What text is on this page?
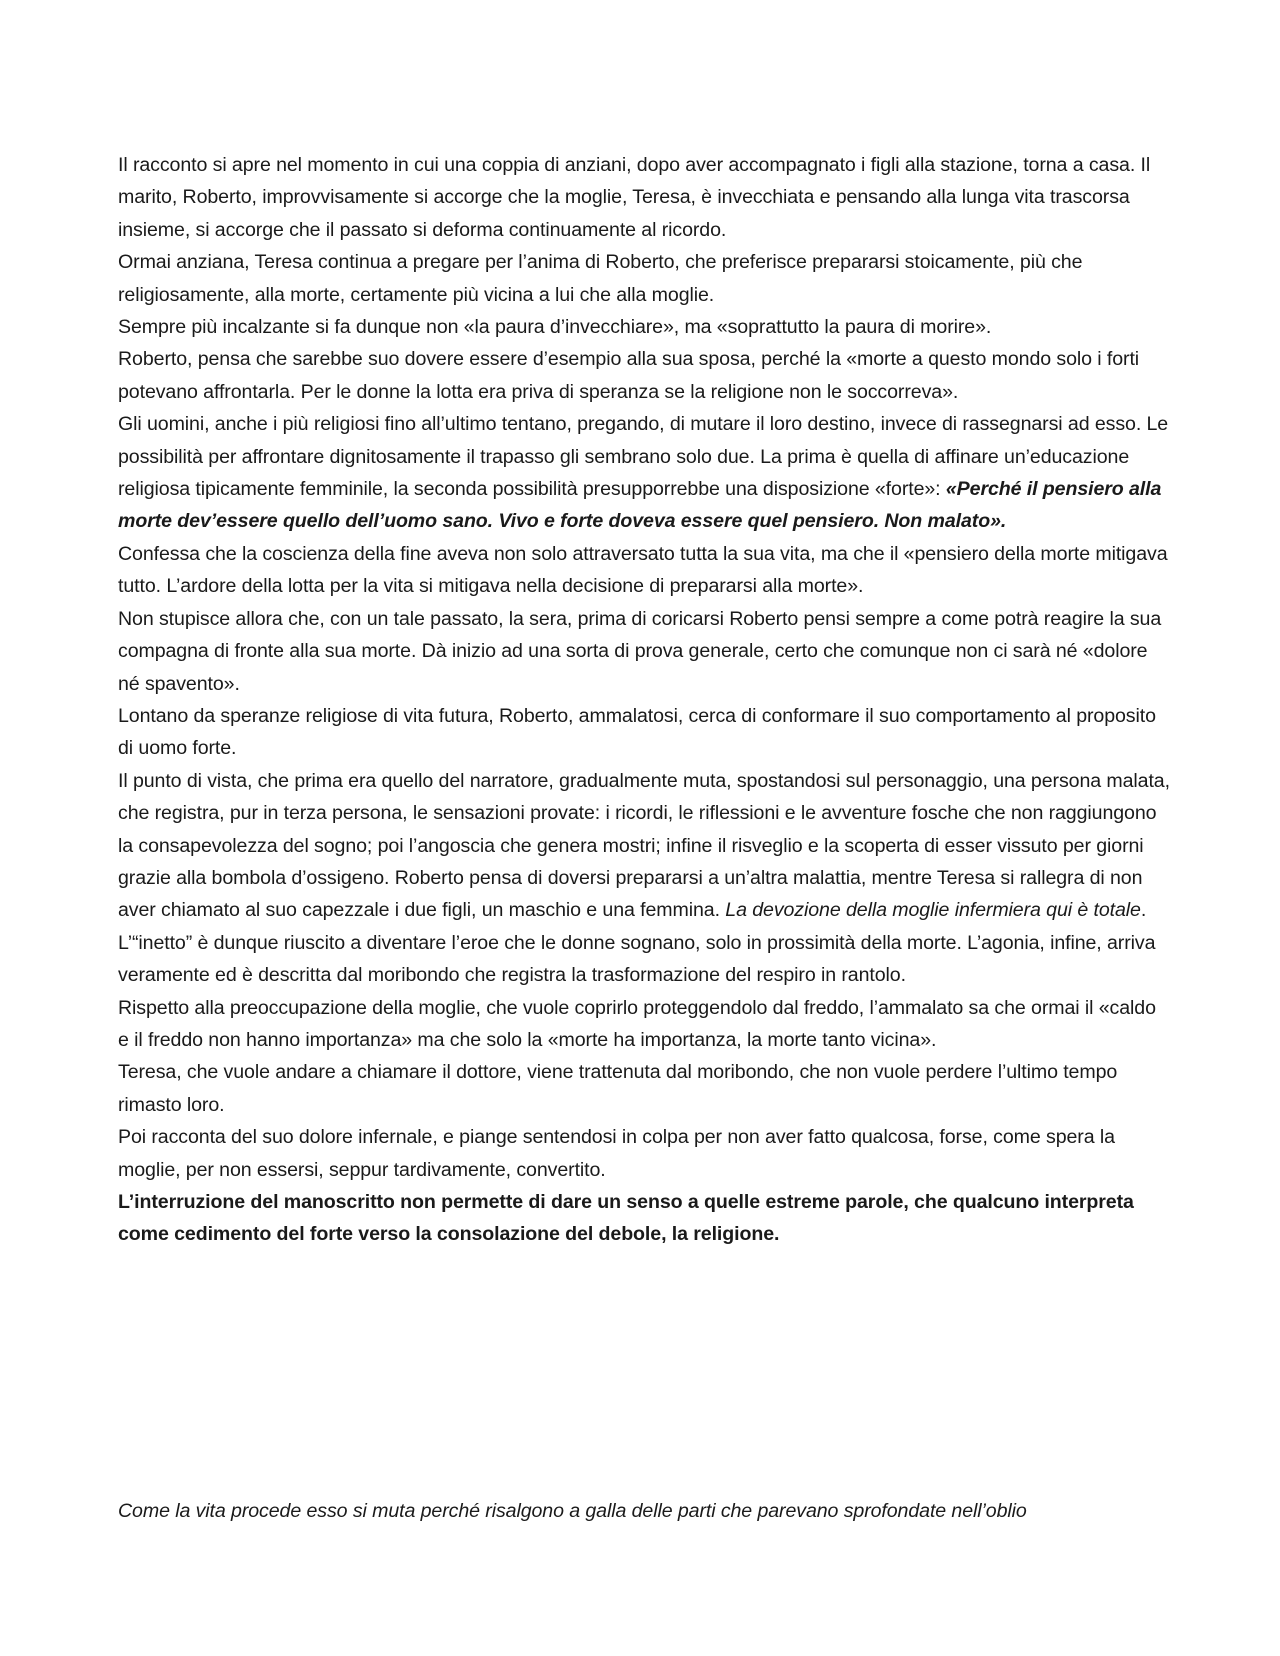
Il racconto si apre nel momento in cui una coppia di anziani, dopo aver accompagnato i figli alla stazione, torna a casa. Il marito, Roberto, improvvisamente si accorge che la moglie, Teresa, è invecchiata e pensando alla lunga vita trascorsa insieme, si accorge che il passato si deforma continuamente al ricordo.

Ormai anziana, Teresa continua a pregare per l’anima di Roberto, che preferisce prepararsi stoicamente, più che religiosamente, alla morte, certamente più vicina a lui che alla moglie.

Sempre più incalzante si fa dunque non «la paura d’invecchiare», ma «soprattutto la paura di morire».

Roberto, pensa che sarebbe suo dovere essere d’esempio alla sua sposa, perché la «morte a questo mondo solo i forti potevano affrontarla. Per le donne la lotta era priva di speranza se la religione non le soccorreva».

Gli uomini, anche i più religiosi fino all’ultimo tentano, pregando, di mutare il loro destino, invece di rassegnarsi ad esso. Le possibilità per affrontare dignitosamente il trapasso gli sembrano solo due. La prima è quella di affinare un’educazione religiosa tipicamente femminile, la seconda possibilità presupporrebbe una disposizione «forte»: «Perché il pensiero alla morte dev’essere quello dell’uomo sano. Vivo e forte doveva essere quel pensiero. Non malato».

Confessa che la coscienza della fine aveva non solo attraversato tutta la sua vita, ma che il «pensiero della morte mitigava tutto. L’ardore della lotta per la vita si mitigava nella decisione di prepararsi alla morte».

Non stupisce allora che, con un tale passato, la sera, prima di coricarsi Roberto pensi sempre a come potrà reagire la sua compagna di fronte alla sua morte. Dà inizio ad una sorta di prova generale, certo che comunque non ci sarà né «dolore né spavento».

Lontano da speranze religiose di vita futura, Roberto, ammalatosi, cerca di conformare il suo comportamento al proposito di uomo forte.

Il punto di vista, che prima era quello del narratore, gradualmente muta, spostandosi sul personaggio, una persona malata, che registra, pur in terza persona, le sensazioni provate: i ricordi, le riflessioni e le avventure fosche che non raggiungono la consapevolezza del sogno; poi l’angoscia che genera mostri; infine il risveglio e la scoperta di esser vissuto per giorni grazie alla bombola d’ossigeno. Roberto pensa di doversi prepararsi a un’altra malattia, mentre Teresa si rallegra di non aver chiamato al suo capezzale i due figli, un maschio e una femmina. La devozione della moglie infermiera qui è totale.

L’“inetto” è dunque riuscito a diventare l’eroe che le donne sognano, solo in prossimità della morte. L’agonia, infine, arriva veramente ed è descritta dal moribondo che registra la trasformazione del respiro in rantolo.

Rispetto alla preoccupazione della moglie, che vuole coprirlo proteggendolo dal freddo, l’ammalato sa che ormai il «caldo e il freddo non hanno importanza» ma che solo la «morte ha importanza, la morte tanto vicina».

Teresa, che vuole andare a chiamare il dottore, viene trattenuta dal moribondo, che non vuole perdere l’ultimo tempo rimasto loro.

Poi racconta del suo dolore infernale, e piange sentendosi in colpa per non aver fatto qualcosa, forse, come spera la moglie, per non essersi, seppur tardivamente, convertito.

L’interruzione del manoscritto non permette di dare un senso a quelle estreme parole, che qualcuno interpreta come cedimento del forte verso la consolazione del debole, la religione.

Come la vita procede esso si muta perché risalgono a galla delle parti che parevano sprofondate nell’oblio
